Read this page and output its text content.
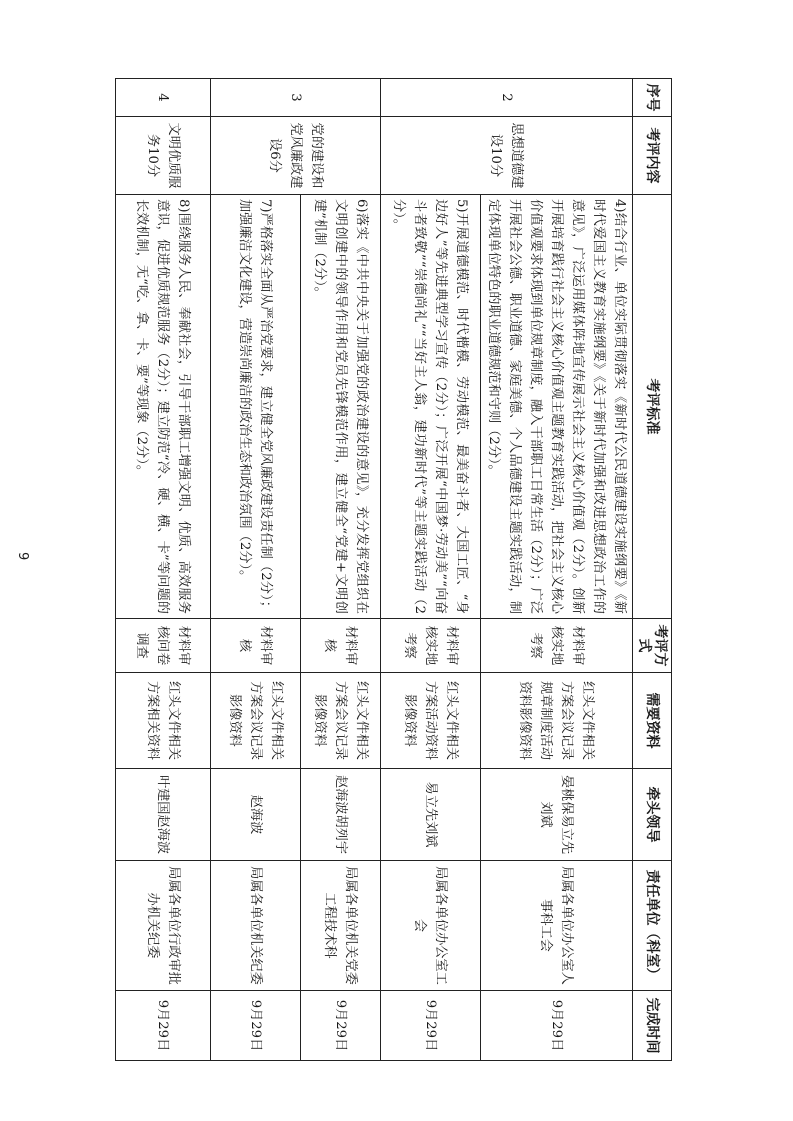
序号	考评内容	考评标准	考评方式	需要资料	牵头领导	责任单位（科室）	完成时间
2	思想道德建设10分	4)结合行业、单位实际贯彻落实《新时代公民道德建设实施纲要》《新时代爱国主义教育实施纲要》《关于新时代加强和改进思想政治工作的意见》，广泛运用媒体阵地宣传展示社会主义核心价值观（2分）。创新开展培育践行社会主义核心价值观主题教育实践活动，把社会主义核心价值观要求体现到单位规章制度，融入干部职工日常生活（2分）；广泛开展社会公德、职业道德、家庭美德、个人品德建设主题实践活动，制定体现单位特色的职业道德规范和守则（2分）。	材料审核实地考察	红头文件相关方案会议记录规章制度活动资料影像资料	晏桃保易立先刘斌	局属各单位办公室人事科工会	9月29日

		5)开展道德模范、时代楷模、劳动模范、最美奋斗者、大国工匠、“身边好人”等先进典型学习宣传（2分）；广泛开展“中国梦·劳动美”“向奋斗者致敬”“崇德尚礼”“当好主人翁，建功新时代”等主题实践活动（2分）。	材料审核实地考察	红头文件相关方案活动资料影像资料	易立先刘斌	局属各单位办公室工会	9月29日
3	党的建设和党风廉政建设6分	6)落实《中共中央关于加强党的政治建设的意见》，充分发挥党组织在文明创建中的领导作用和党员先锋模范作用，建立健全“党建+文明创建”机制（2分）。	材料审核	红头文件相关方案会议记录影像资料	赵海波胡列宇	局属各单位机关党委工程技术科	9月29日

		7)严格落实全面从严治党要求，建立健全党风廉政建设责任制（2分）；加强廉洁文化建设，营造崇尚廉洁的政治生态和政治氛围（2分）。	材料审核	红头文件相关方案会议记录影像资料	赵海波	局属各单位机关纪委	9月29日
4	文明优质服务10分	8)围绕服务人民、奉献社会，引导干部职工增强文明、优质、高效服务意识，促进优质规范服务（2分）；建立防范“冷、硬、横、卡”等问题的长效机制，无“吃、拿、卡、要”等现象（2分）。	材料审核问卷调查	红头文件相关方案相关资料	叶建国赵海波	局属各单位行政审批办机关纪委	9月29日
9
